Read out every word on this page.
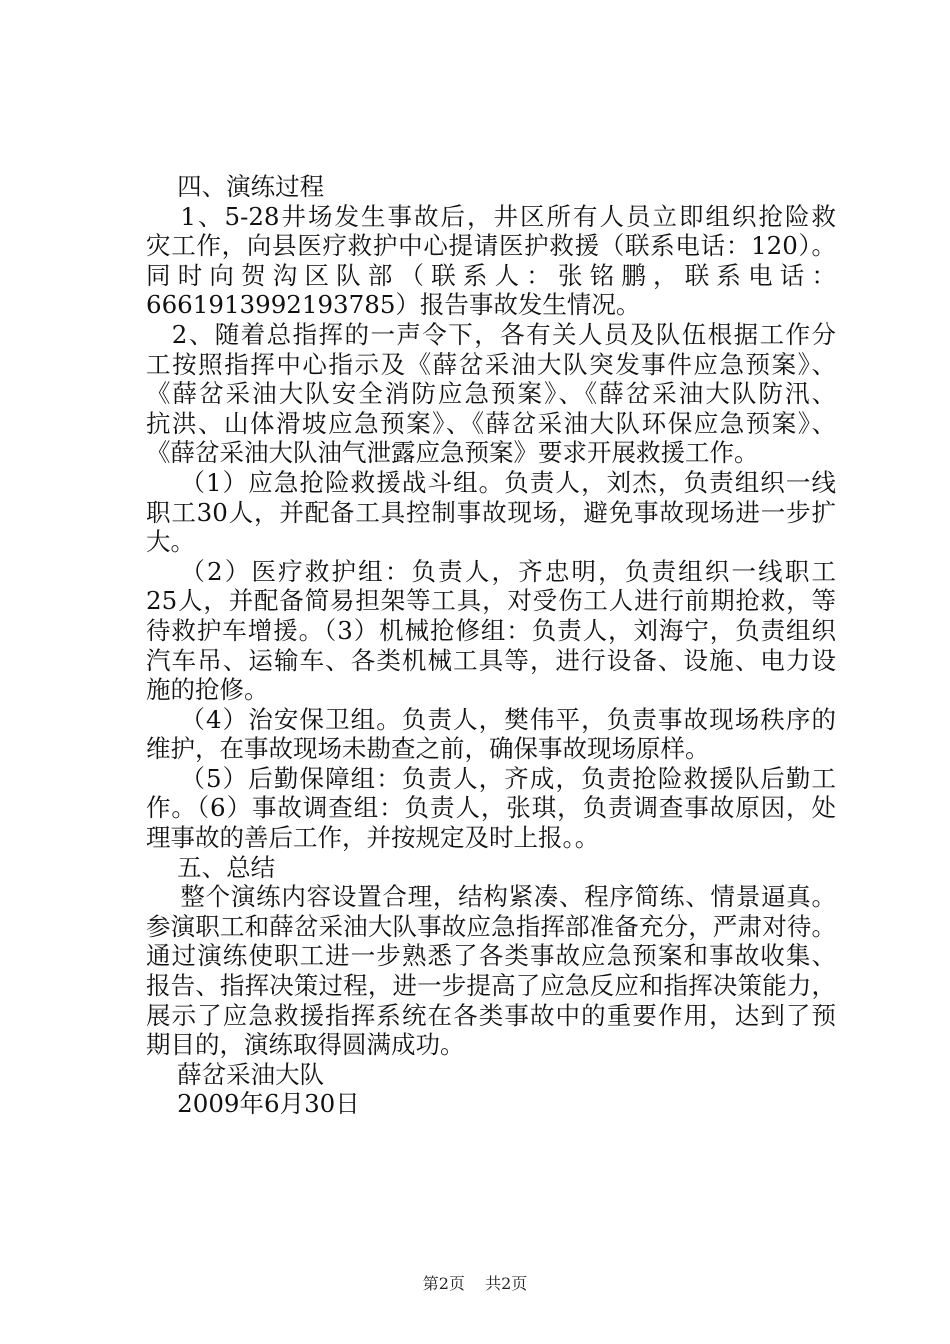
四、演练过程
1、5-28井场发生事故后，井区所有人员立即组织抢险救
灾工作，向县医疗救护中心提请医护救援（联系电话：120）。
同时向贺沟区队部（联系人：张铭鹏，联系电话：
6661913992193785）报告事故发生情况。
2、随着总指挥的一声令下，各有关人员及队伍根据工作分
工按照指挥中心指示及《薛岔采油大队突发事件应急预案》、
《薛岔采油大队安全消防应急预案》、《薛岔采油大队防汛、
抗洪、山体滑坡应急预案》、《薛岔采油大队环保应急预案》、
《薛岔采油大队油气泄露应急预案》要求开展救援工作。
（1）应急抢险救援战斗组。负责人，刘杰，负责组织一线
职工30人，并配备工具控制事故现场，避免事故现场进一步扩
大。
（2）医疗救护组：负责人，齐忠明，负责组织一线职工
25人，并配备简易担架等工具，对受伤工人进行前期抢救，等
待救护车增援。（3）机械抢修组：负责人，刘海宁，负责组织
汽车吊、运输车、各类机械工具等，进行设备、设施、电力设
施的抢修。
（4）治安保卫组。负责人，樊伟平，负责事故现场秩序的
维护，在事故现场未勘查之前，确保事故现场原样。
（5）后勤保障组：负责人，齐成，负责抢险救援队后勤工
作。（6）事故调查组：负责人，张琪，负责调查事故原因，处
理事故的善后工作，并按规定及时上报。。
五、总结
整个演练内容设置合理，结构紧凑、程序简练、情景逼真。
参演职工和薛岔采油大队事故应急指挥部准备充分，严肃对待。
通过演练使职工进一步熟悉了各类事故应急预案和事故收集、
报告、指挥决策过程，进一步提高了应急反应和指挥决策能力，
展示了应急救援指挥系统在各类事故中的重要作用，达到了预
期目的，演练取得圆满成功。
薛岔采油大队
2009年6月30日
第2页 共2页
